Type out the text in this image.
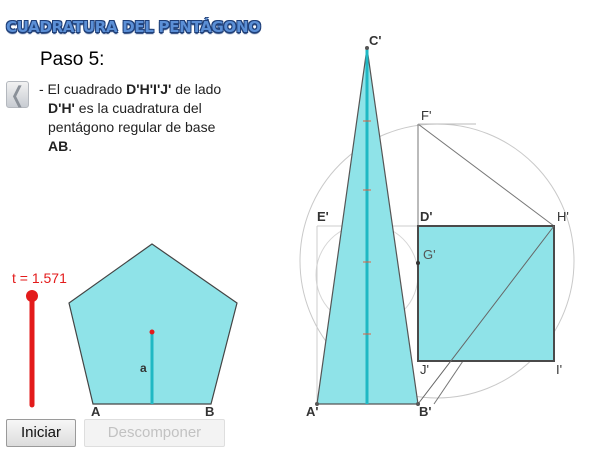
CUADRATURA DEL PENTÁGONO
❬
Paso 5:
- El cuadrado D'H'I'J' de lado
D'H' es la cuadratura del
pentágono regular de base
AB.
t = 1.571
a
A	B
C'
F'
E'	D'	H'
G'
J'	I'
A'	B'
Iniciar	Descomponer
